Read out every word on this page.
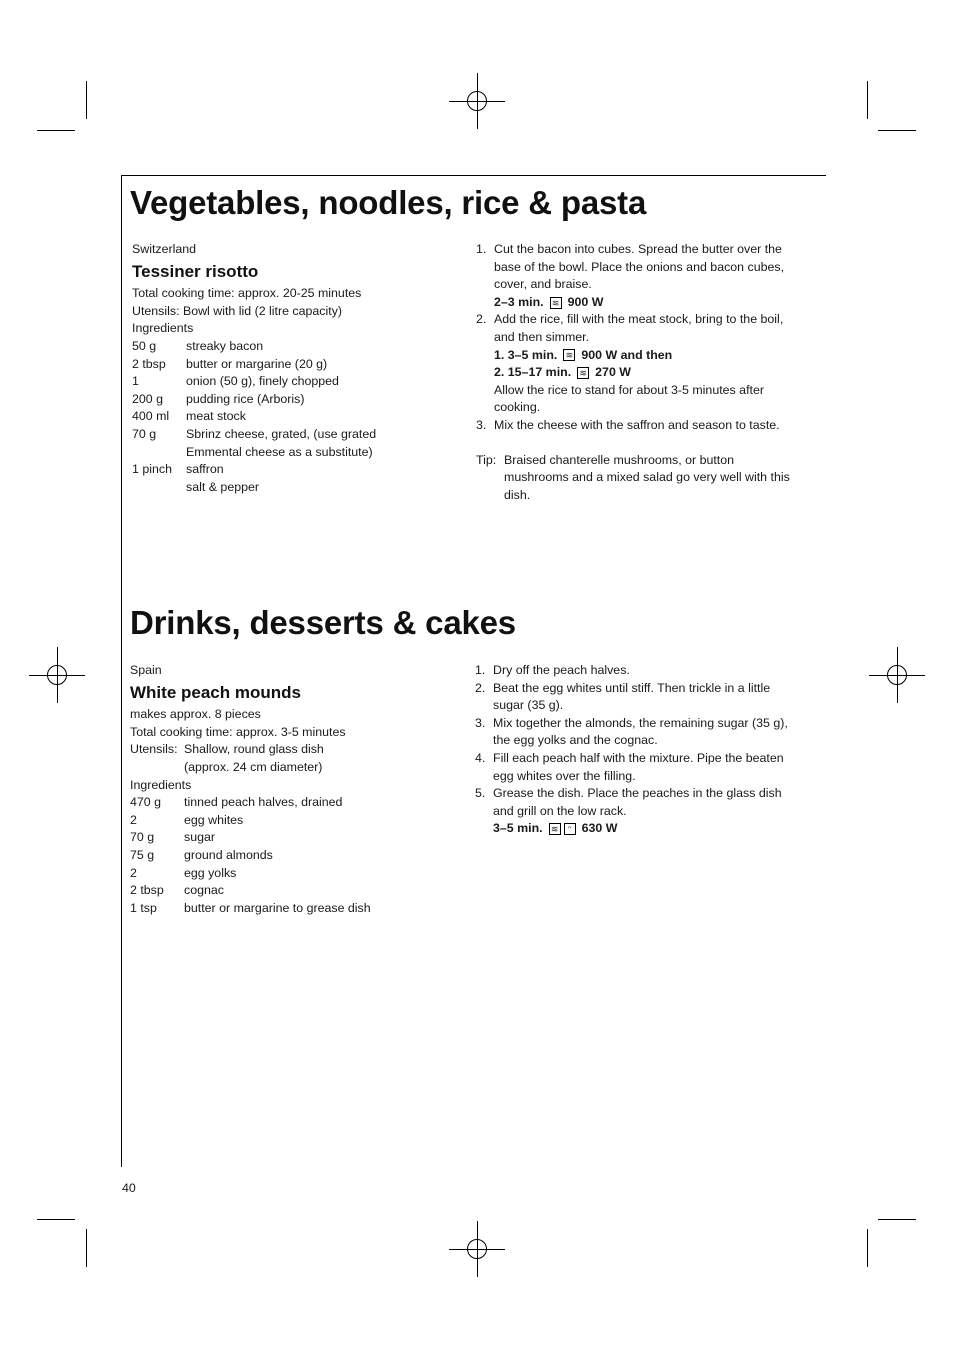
Vegetables, noodles, rice & pasta
Switzerland
Tessiner risotto
Total cooking time: approx. 20-25 minutes
Utensils: Bowl with lid (2 litre capacity)
Ingredients
50 g	streaky bacon
2 tbsp	butter or margarine (20 g)
1	onion (50 g), finely chopped
200 g	pudding rice (Arboris)
400 ml	meat stock
70 g	Sbrinz cheese, grated, (use grated
Emmental cheese as a substitute)
1 pinch	saffron
salt & pepper
1. Cut the bacon into cubes. Spread the butter over the
base of the bowl. Place the onions and bacon cubes,
cover, and braise.
2–3 min. ≋ 900 W
2. Add the rice, fill with the meat stock, bring to the boil,
and then simmer.
1. 3–5 min. ≋ 900 W and then
2. 15–17 min. ≋ 270 W
Allow the rice to stand for about 3-5 minutes after
cooking.
3. Mix the cheese with the saffron and season to taste.
Tip: Braised chanterelle mushrooms, or button
mushrooms and a mixed salad go very well with this
dish.
Drinks, desserts & cakes
Spain
White peach mounds
makes approx. 8 pieces
Total cooking time: approx. 3-5 minutes
Utensils: Shallow, round glass dish
(approx. 24 cm diameter)
Ingredients
470 g	tinned peach halves, drained
2	egg whites
70 g	sugar
75 g	ground almonds
2	egg yolks
2 tbsp	cognac
1 tsp	butter or margarine to grease dish
1. Dry off the peach halves.
2. Beat the egg whites until stiff. Then trickle in a little
sugar (35 g).
3. Mix together the almonds, the remaining sugar (35 g),
the egg yolks and the cognac.
4. Fill each peach half with the mixture. Pipe the beaten
egg whites over the filling.
5. Grease the dish. Place the peaches in the glass dish
and grill on the low rack.
3–5 min. ≋	ᵔ 630 W
40
